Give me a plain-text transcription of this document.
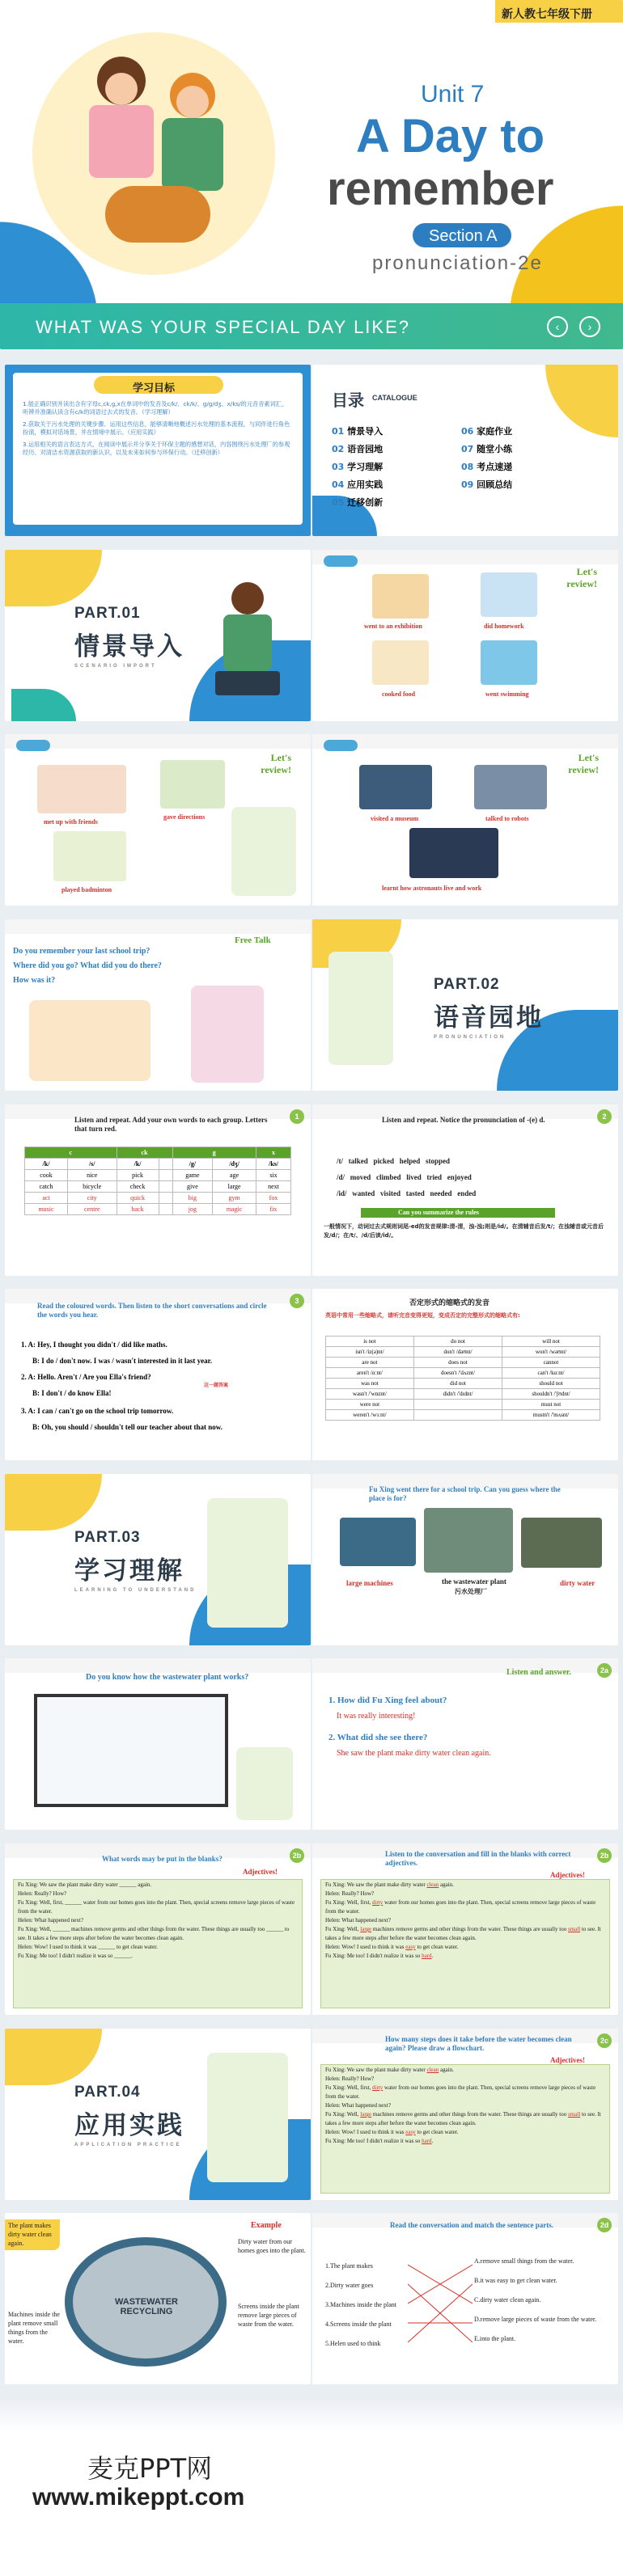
新人教七年级下册
Unit 7
A Day to
remember
Section A
pronunciation-2e
WHAT WAS YOUR SPECIAL DAY LIKE?	‹	›
学习目标

1.能正确识别并读出含有字母c,ck,g,x在单词中的发音及c/k/、ck/k/、g/g/dʒ、x/ks/的元音音素词汇，听辨并准确认读含有c/k的词语过去式的发音。（学习理解）

2.获取关于污水处理的关键步骤、运用这些信息，能够清晰地概述污水处理的基本流程，与同伴进行角色扮演，模拟对话场景，并在情境中展示。（应用实践）

3.运用相关的语言表达方式，在阅读中展示并分享关于环保主题的感想对话，内容围绕污水处理厂的参观经历、对清洁水资源获取的新认识，以及未来如何参与环保行动。（迁移创新）

目录 CATALOGUE
01 情景导入
02 语音园地
03 学习理解
04 应用实践
05 迁移创新
06 家庭作业
07 随堂小练
08 考点速递
09 回顾总结
PART.01
情景导入
SCENARIO IMPORT
Let's review!
went to an exhibition	did homework
cooked food	went swimming
Let's review!
met up with friends
gave directions
played badminton
Let's review!
visited a museum	talked to robots
learnt how astronauts live and work
Free Talk
Do you remember your last school trip?
Where did you go? What did you do there?
How was it?	PART.02
语音园地
PRONUNCIATION
1
Listen and repeat. Add your own words to each group. Letters that turn red.
c		ck		g		x
/k/	/s/	/k/		/g/	/dʒ/	/ks/
cook	nice	pick		game	age	six
catch	bicycle	check		give	large	next
act	city	quick		big	gym	fox
music	centre	back		jog	magic	fix
2
Listen and repeat. Notice the pronunciation of -(e) d.
/t/ talked picked helped stopped
/d/ moved climbed lived tried enjoyed
/id/ wanted visited tasted needed ended
Can you summarize the rules
一般情况下，动词过去式规则词尾-ed的发音规律:清-清，浊-浊;则是/id/。在清辅音后发/t/；在浊辅音或元音后发/d/；在/t/、/d/后读/id/。
3
Read the coloured words. Then listen to the short conversations and circle the words you hear.
1. A: Hey, I thought you didn't / did like maths.
B: I do / don't now. I was / wasn't interested in it last year.
2. A: Hello. Aren't / Are you Ella's friend?
B: I don't / do know Ella!
3. A: I can / can't go on the school trip tomorrow.
B: Oh, you should / shouldn't tell our teacher about that now.
这一题答案
否定形式的缩略式的发音
英语中常用一些缩略式，请听完音变得更短，变成否定的完整形式的缩略式有:
is not	do not	will not
isn't /iz(ə)nt/	don't /dəʊnt/	won't /wəʊnt/
are not	does not	cannot
aren't /ɑːnt/	doesn't /'dʌznt/	can't /kɑːnt/
was not	did not	should not
wasn't /'wɒznt/	didn't /'dɪdnt/	shouldn't /'ʃʊdnt/
were not		must not
weren't /wɜːnt/		mustn't /'mʌsnt/
PART.03
学习理解
LEARNING TO UNDERSTAND
Fu Xing went there for a school trip. Can you guess where the place is for?
large machines	the wastewater plant
污水处理厂
dirty water
Do you know how the wastewater plant works?
2a
Listen and answer.
1. How did Fu Xing feel about?
It was really interesting!
2. What did she see there?
She saw the plant make dirty water clean again.
2b
What words may be put in the blanks?
Adjectives!
Fu Xing: We saw the plant make dirty water ______ again.
Helen: Really? How?
Fu Xing: Well, first, ______ water from our homes goes into the plant. Then, special screens remove large pieces of waste from the water.
Helen: What happened next?
Fu Xing: Well, ______ machines remove germs and other things from the water. These things are usually too ______ to see. It takes a few more steps after before the water becomes clean again.
Helen: Wow! I used to think it was ______ to get clean water.
Fu Xing: Me too! I didn't realize it was so ______.
2b
Listen to the conversation and fill in the blanks with correct adjectives.
Adjectives!
Fu Xing: We saw the plant make dirty water clean again.
Helen: Really? How?
Fu Xing: Well, first, dirty water from our homes goes into the plant. Then, special screens remove large pieces of waste from the water.
Helen: What happened next?
Fu Xing: Well, large machines remove germs and other things from the water. These things are usually too small to see. It takes a few more steps after before the water becomes clean again.
Helen: Wow! I used to think it was easy to get clean water.
Fu Xing: Me too! I didn't realize it was so hard.
PART.04
应用实践
APPLICATION PRACTICE
2c
How many steps does it take before the water becomes clean again? Please draw a flowchart.
Adjectives!
Fu Xing: We saw the plant make dirty water clean again.
Helen: Really? How?
Fu Xing: Well, first, dirty water from our homes goes into the plant. Then, special screens remove large pieces of waste from the water.
Helen: What happened next?
Fu Xing: Well, large machines remove germs and other things from the water. These things are usually too small to see. It takes a few more steps after before the water becomes clean again.
Helen: Wow! I used to think it was easy to get clean water.
Fu Xing: Me too! I didn't realize it was so hard.
Example
The plant makes dirty water clean again.
Machines inside the plant remove small things from the water.
WASTEWATER RECYCLING
Dirty water from our homes goes into the plant.
Screens inside the plant remove large pieces of waste from the water.
2d
Read the conversation and match the sentence parts.
1.The plant makes
2.Dirty water goes
3.Machines inside the plant
4.Screens inside the plant
5.Helen used to think
A.remove small things from the water.
B.it was easy to get clean water.
C.dirty water clean again.
D.remove large pieces of waste from the water.
E.into the plant.
麦克PPT网
www.mikeppt.com
